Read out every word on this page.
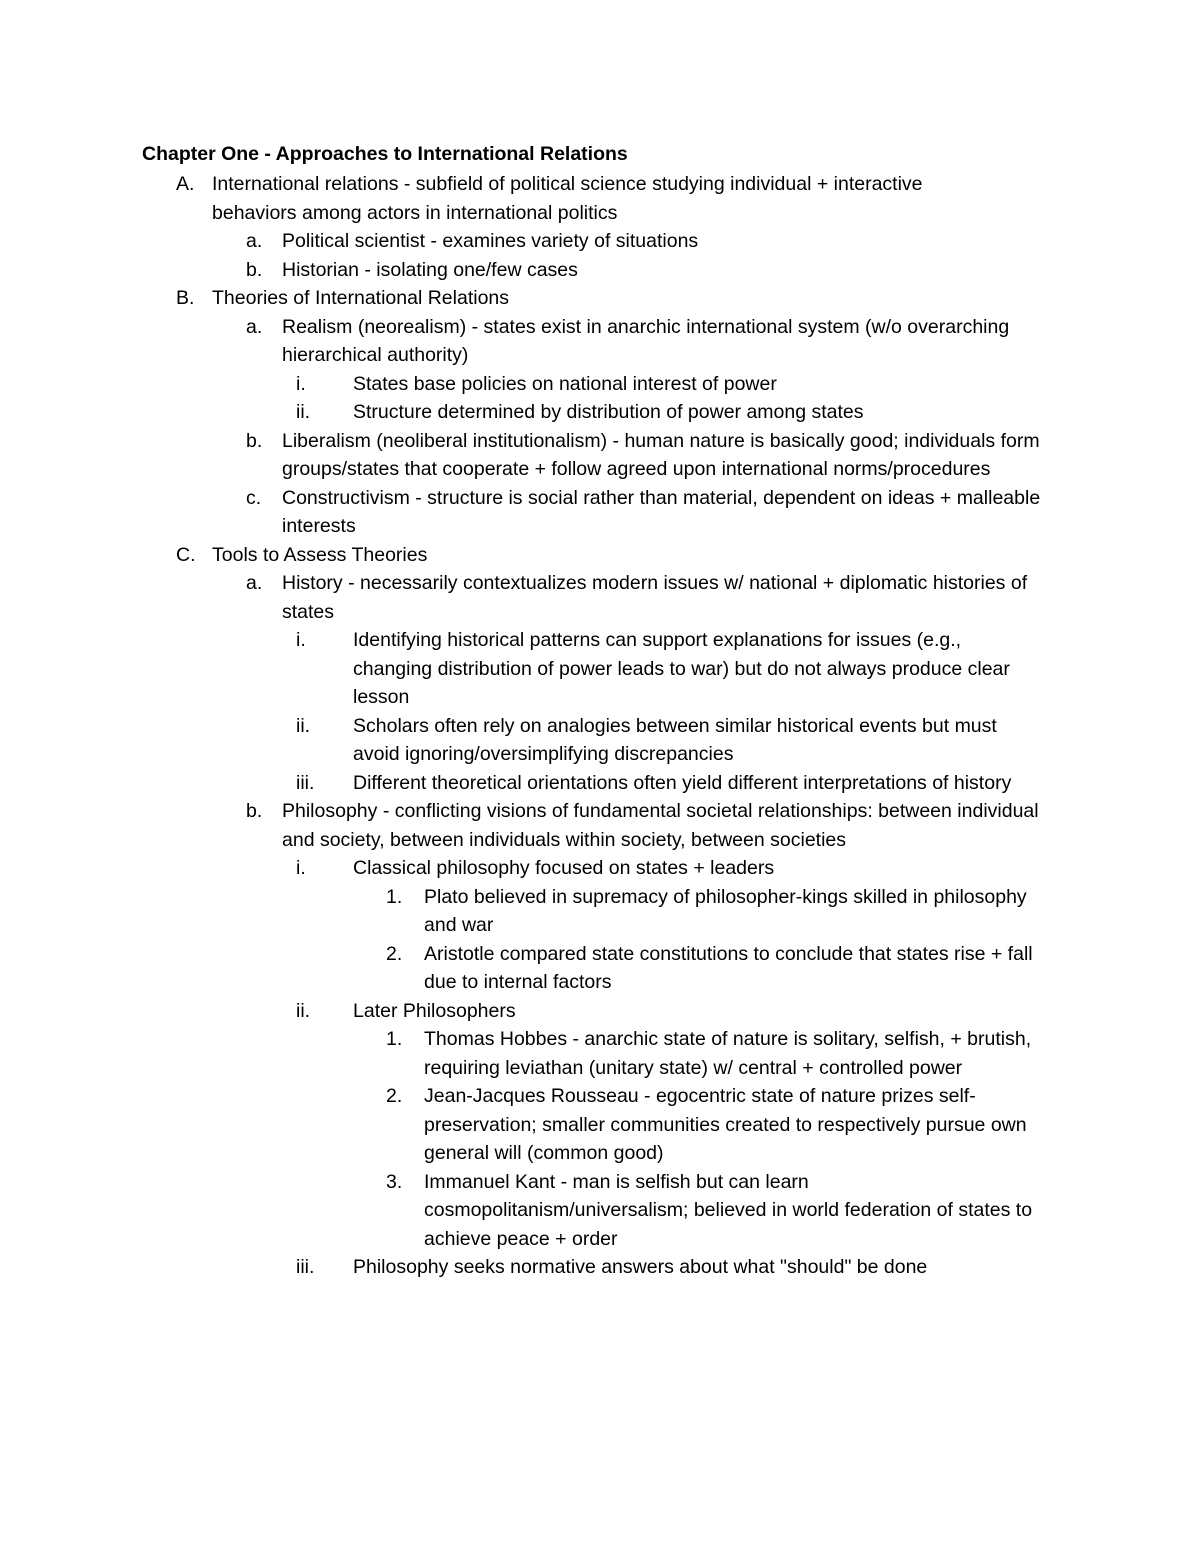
Chapter One - Approaches to International Relations
A. International relations - subfield of political science studying individual + interactive behaviors among actors in international politics
a.	Political scientist - examines variety of situations
b.	Historian - isolating one/few cases
B. Theories of International Relations
a.	Realism (neorealism) - states exist in anarchic international system (w/o overarching hierarchical authority)
i.	States base policies on national interest of power
ii.	Structure determined by distribution of power among states
b.	Liberalism (neoliberal institutionalism) - human nature is basically good; individuals form groups/states that cooperate + follow agreed upon international norms/procedures
c.	Constructivism - structure is social rather than material, dependent on ideas + malleable interests
C. Tools to Assess Theories
a.	History - necessarily contextualizes modern issues w/ national + diplomatic histories of states
i.	Identifying historical patterns can support explanations for issues (e.g., changing distribution of power leads to war) but do not always produce clear lesson
ii.	Scholars often rely on analogies between similar historical events but must avoid ignoring/oversimplifying discrepancies
iii.	Different theoretical orientations often yield different interpretations of history
b.	Philosophy - conflicting visions of fundamental societal relationships: between individual and society, between individuals within society, between societies
i.	Classical philosophy focused on states + leaders
1.	Plato believed in supremacy of philosopher-kings skilled in philosophy and war
2.	Aristotle compared state constitutions to conclude that states rise + fall due to internal factors
ii.	Later Philosophers
1.	Thomas Hobbes - anarchic state of nature is solitary, selfish, + brutish, requiring leviathan (unitary state) w/ central + controlled power
2.	Jean-Jacques Rousseau - egocentric state of nature prizes self-preservation; smaller communities created to respectively pursue own general will (common good)
3.	Immanuel Kant - man is selfish but can learn cosmopolitanism/universalism; believed in world federation of states to achieve peace + order
iii.	Philosophy seeks normative answers about what "should" be done
